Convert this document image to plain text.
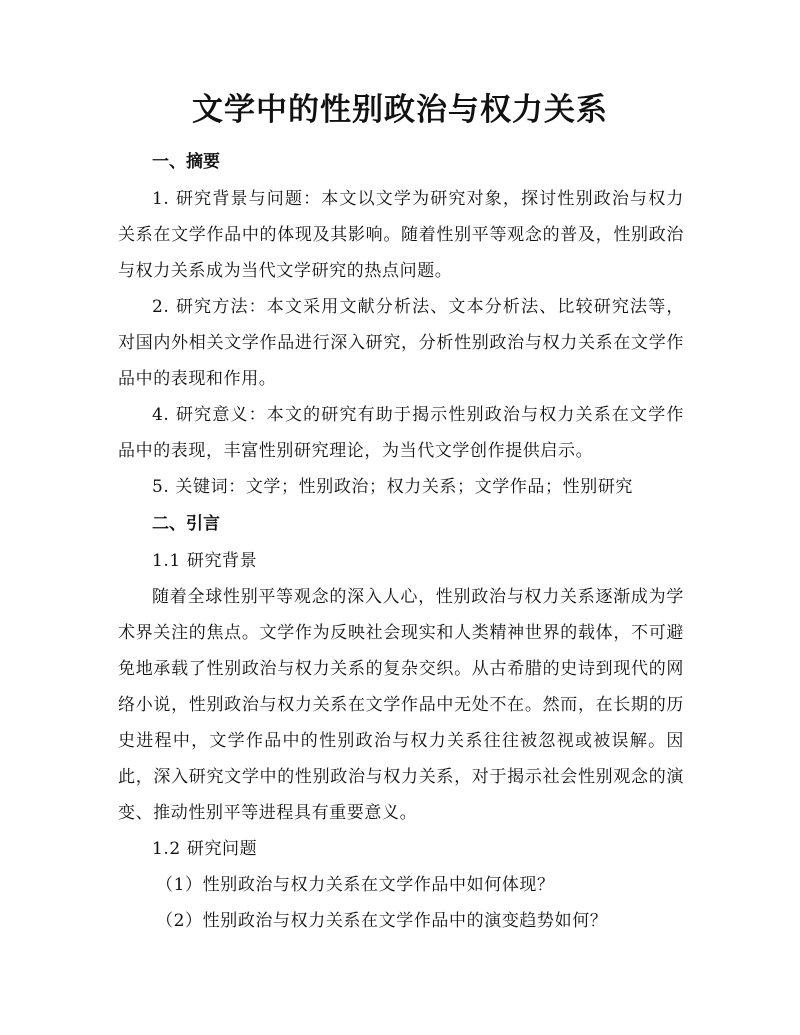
文学中的性别政治与权力关系
一、摘要

1. 研究背景与问题：本文以文学为研究对象，探讨性别政治与权力关系在文学作品中的体现及其影响。随着性别平等观念的普及，性别政治与权力关系成为当代文学研究的热点问题。

2. 研究方法：本文采用文献分析法、文本分析法、比较研究法等，对国内外相关文学作品进行深入研究，分析性别政治与权力关系在文学作品中的表现和作用。

4. 研究意义：本文的研究有助于揭示性别政治与权力关系在文学作品中的表现，丰富性别研究理论，为当代文学创作提供启示。

5. 关键词：文学；性别政治；权力关系；文学作品；性别研究

二、引言
1.1 研究背景

随着全球性别平等观念的深入人心，性别政治与权力关系逐渐成为学术界关注的焦点。文学作为反映社会现实和人类精神世界的载体，不可避免地承载了性别政治与权力关系的复杂交织。从古希腊的史诗到现代的网络小说，性别政治与权力关系在文学作品中无处不在。然而，在长期的历史进程中，文学作品中的性别政治与权力关系往往被忽视或被误解。因此，深入研究文学中的性别政治与权力关系，对于揭示社会性别观念的演变、推动性别平等进程具有重要意义。

1.2 研究问题
（1）性别政治与权力关系在文学作品中如何体现？
（2）性别政治与权力关系在文学作品中的演变趋势如何？
